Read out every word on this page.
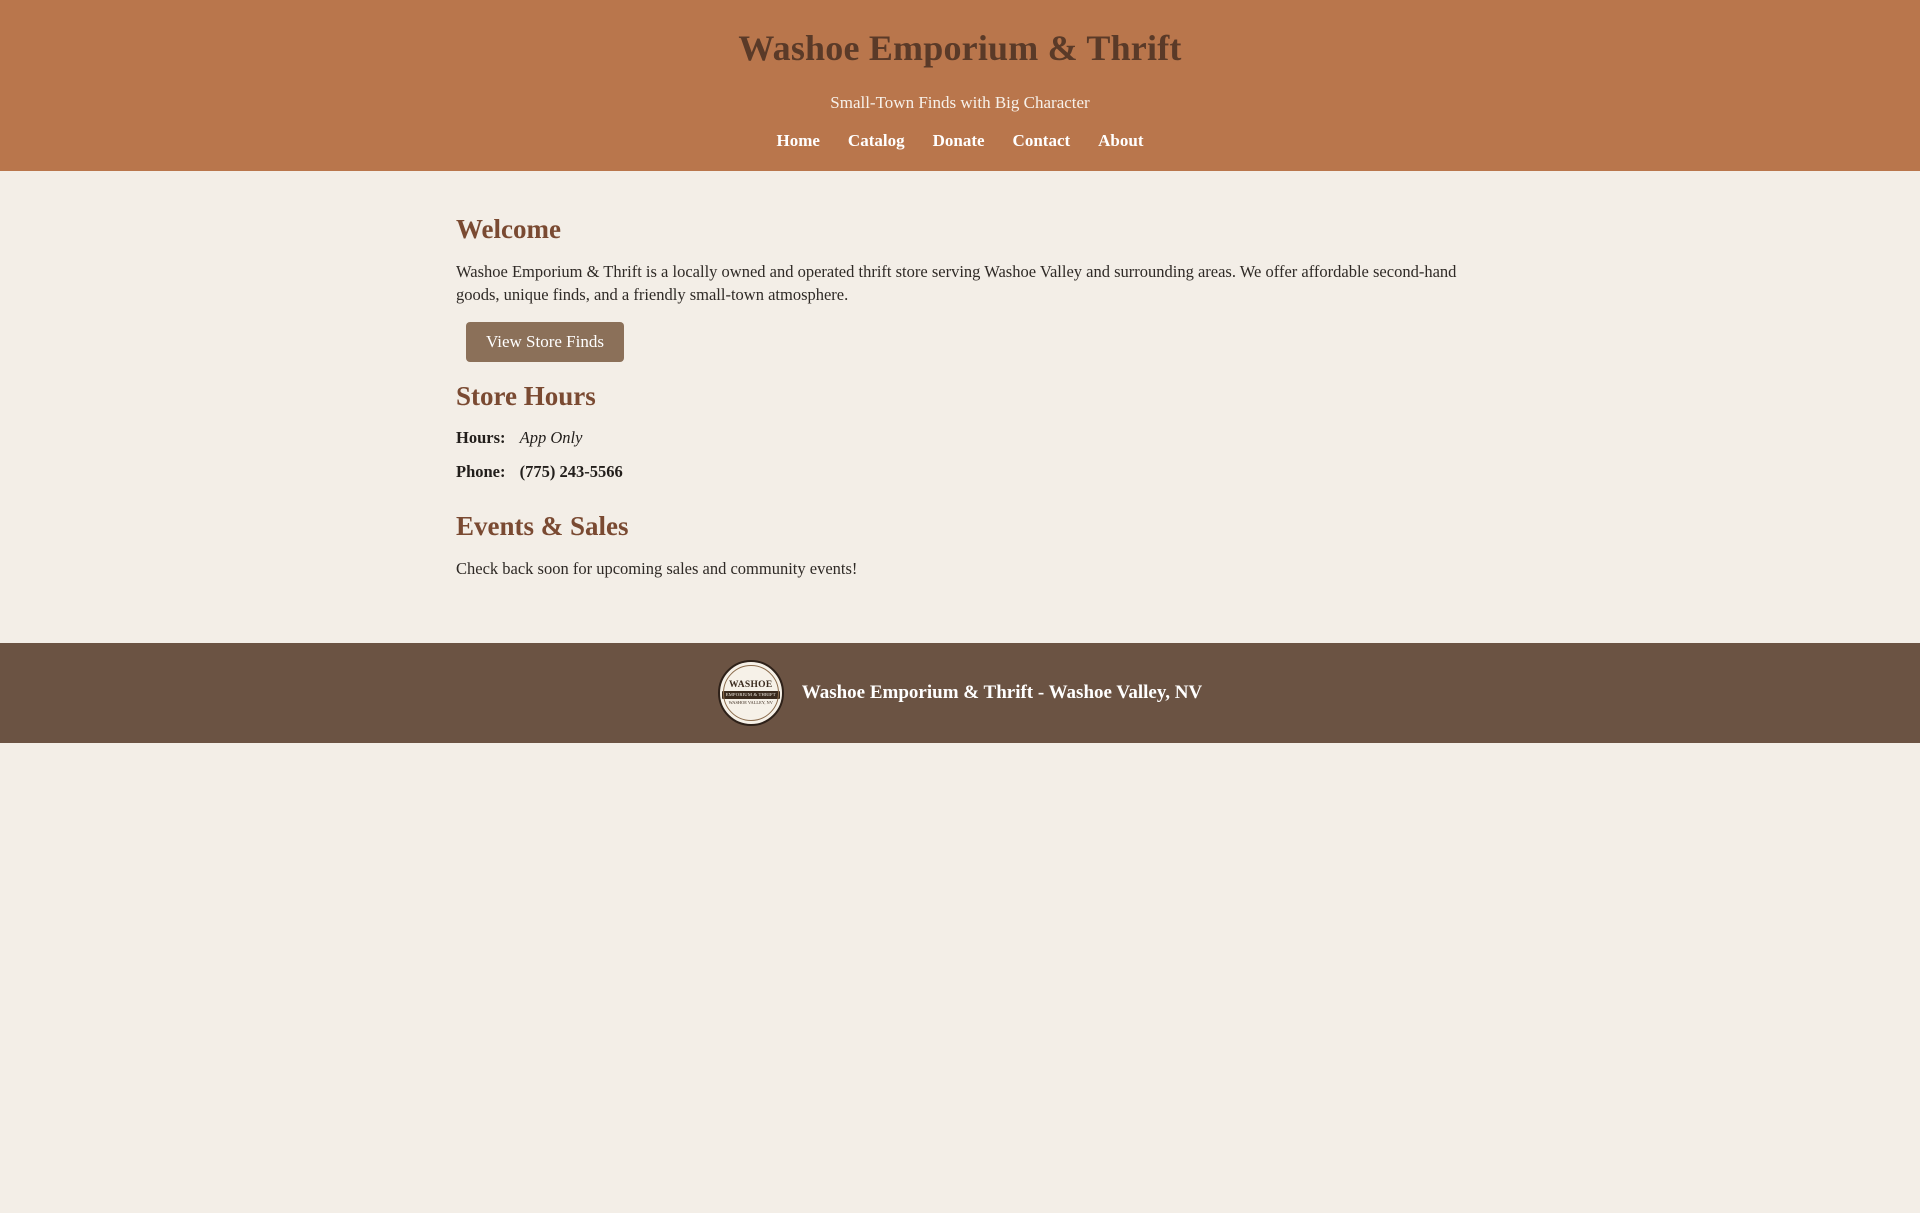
Washoe Emporium & Thrift
Small-Town Finds with Big Character
Home	Catalog	Donate	Contact	About
Welcome

Washoe Emporium & Thrift is a locally owned and operated thrift store serving Washoe Valley and surrounding areas. We offer affordable second-hand goods, unique finds, and a friendly small-town atmosphere.

View Store Finds
Store Hours
Hours: App Only
Phone: (775) 243-5566
Events & Sales

Check back soon for upcoming sales and community events!

WASHOE
EMPORIUM & THRIFT
WASHOE VALLEY, NV Washoe Emporium & Thrift - Washoe Valley, NV
